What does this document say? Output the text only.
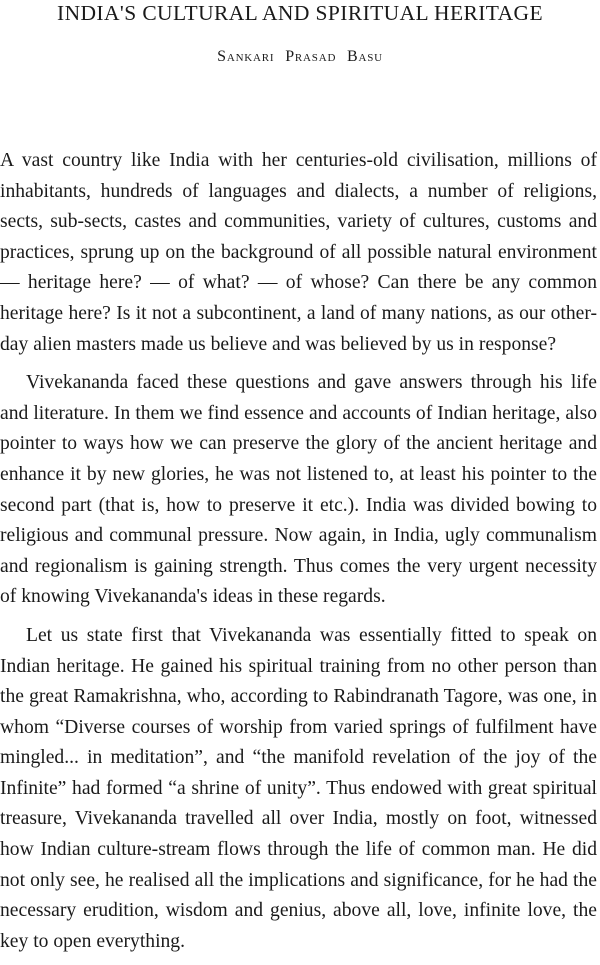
INDIA'S CULTURAL AND SPIRITUAL HERITAGE
Sankari Prasad Basu

A vast country like India with her centuries-old civilisation, millions of inhabitants, hundreds of languages and dialects, a number of religions, sects, sub-sects, castes and communities, variety of cultures, customs and practices, sprung up on the background of all possible natural environment — heritage here? — of what? — of whose? Can there be any common heritage here? Is it not a subcontinent, a land of many nations, as our other-day alien masters made us believe and was believed by us in response?

Vivekananda faced these questions and gave answers through his life and literature. In them we find essence and accounts of Indian heritage, also pointer to ways how we can preserve the glory of the ancient heritage and enhance it by new glories, he was not listened to, at least his pointer to the second part (that is, how to preserve it etc.). India was divided bowing to religious and communal pressure. Now again, in India, ugly communalism and regionalism is gaining strength. Thus comes the very urgent necessity of knowing Vivekananda's ideas in these regards.

Let us state first that Vivekananda was essentially fitted to speak on Indian heritage. He gained his spiritual training from no other person than the great Ramakrishna, who, according to Rabindranath Tagore, was one, in whom “Diverse courses of worship from varied springs of fulfilment have mingled... in meditation”, and “the manifold revelation of the joy of the Infinite” had formed “a shrine of unity”. Thus endowed with great spiritual treasure, Vivekananda travelled all over India, mostly on foot, witnessed how Indian culture-stream flows through the life of common man. He did not only see, he realised all the implications and significance, for he had the necessary erudition, wisdom and genius, above all, love, infinite love, the key to open everything.
